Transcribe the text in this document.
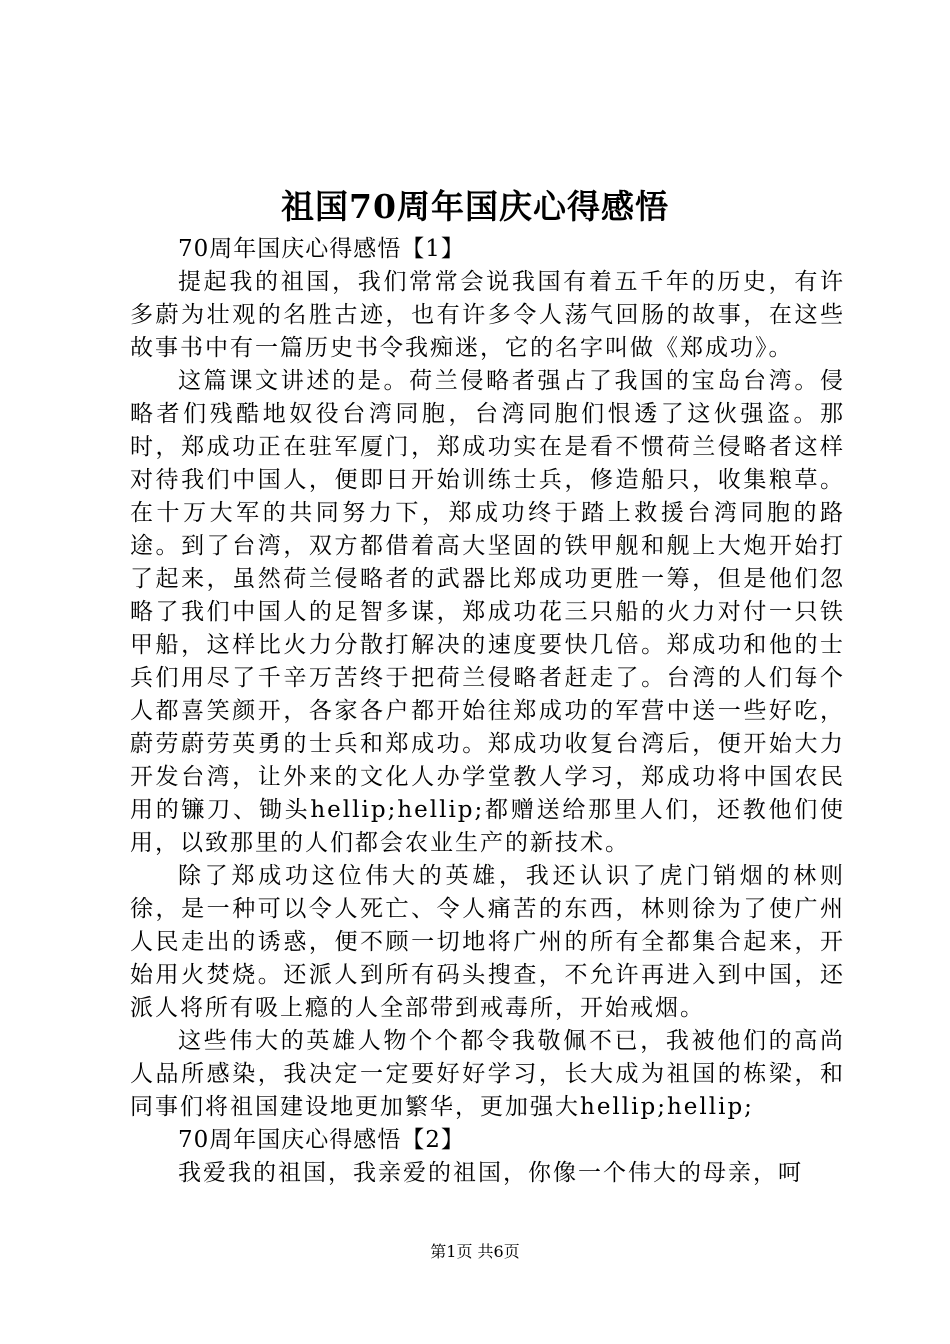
祖国70周年国庆心得感悟

70周年国庆心得感悟【1】

提起我的祖国，我们常常会说我国有着五千年的历史，有许多蔚为壮观的名胜古迹，也有许多令人荡气回肠的故事，在这些故事书中有一篇历史书令我痴迷，它的名字叫做《郑成功》。

这篇课文讲述的是。荷兰侵略者强占了我国的宝岛台湾。侵略者们残酷地奴役台湾同胞，台湾同胞们恨透了这伙强盗。那时，郑成功正在驻军厦门，郑成功实在是看不惯荷兰侵略者这样对待我们中国人，便即日开始训练士兵，修造船只，收集粮草。在十万大军的共同努力下，郑成功终于踏上救援台湾同胞的路途。到了台湾，双方都借着高大坚固的铁甲舰和舰上大炮开始打了起来，虽然荷兰侵略者的武器比郑成功更胜一筹，但是他们忽略了我们中国人的足智多谋，郑成功花三只船的火力对付一只铁甲船，这样比火力分散打解决的速度要快几倍。郑成功和他的士兵们用尽了千辛万苦终于把荷兰侵略者赶走了。台湾的人们每个人都喜笑颜开，各家各户都开始往郑成功的军营中送一些好吃，蔚劳蔚劳英勇的士兵和郑成功。郑成功收复台湾后，便开始大力开发台湾，让外来的文化人办学堂教人学习，郑成功将中国农民用的镰刀、锄头hellip;hellip;都赠送给那里人们，还教他们使用，以致那里的人们都会农业生产的新技术。

除了郑成功这位伟大的英雄，我还认识了虎门销烟的林则徐，是一种可以令人死亡、令人痛苦的东西，林则徐为了使广州人民走出的诱惑，便不顾一切地将广州的所有全都集合起来，开始用火焚烧。还派人到所有码头搜查，不允许再进入到中国，还派人将所有吸上瘾的人全部带到戒毒所，开始戒烟。

这些伟大的英雄人物个个都令我敬佩不已，我被他们的高尚人品所感染，我决定一定要好好学习，长大成为祖国的栋梁，和同事们将祖国建设地更加繁华，更加强大hellip;hellip;

70周年国庆心得感悟【2】

我爱我的祖国，我亲爱的祖国，你像一个伟大的母亲，呵

第1页 共6页
